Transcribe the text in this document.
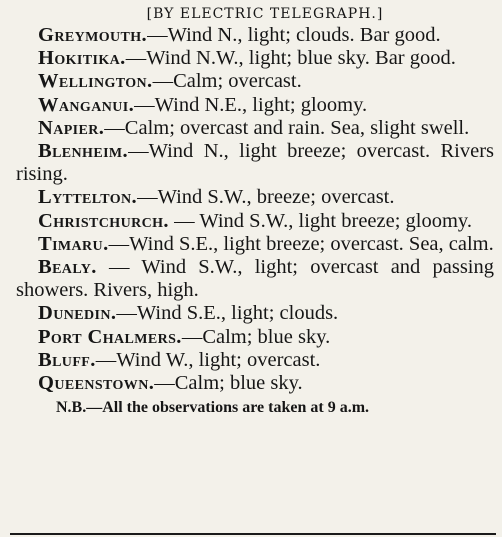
[BY ELECTRIC TELEGRAPH.]

Greymouth.—Wind N., light; clouds. Bar good.

Hokitika.—Wind N.W., light; blue sky. Bar good.

Wellington.—Calm; overcast.

Wanganui.—Wind N.E., light; gloomy.

Napier.—Calm; overcast and rain. Sea, slight swell.

Blenheim.—Wind N., light breeze; overcast. Rivers rising.

Lyttelton.—Wind S.W., breeze; overcast.

Christchurch. — Wind S.W., light breeze; gloomy.

Timaru.—Wind S.E., light breeze; overcast. Sea, calm.

Bealy. — Wind S.W., light; overcast and passing showers. Rivers, high.

Dunedin.—Wind S.E., light; clouds.

Port Chalmers.—Calm; blue sky.

Bluff.—Wind W., light; overcast.

Queenstown.—Calm; blue sky.

N.B.—All the observations are taken at 9 a.m.
